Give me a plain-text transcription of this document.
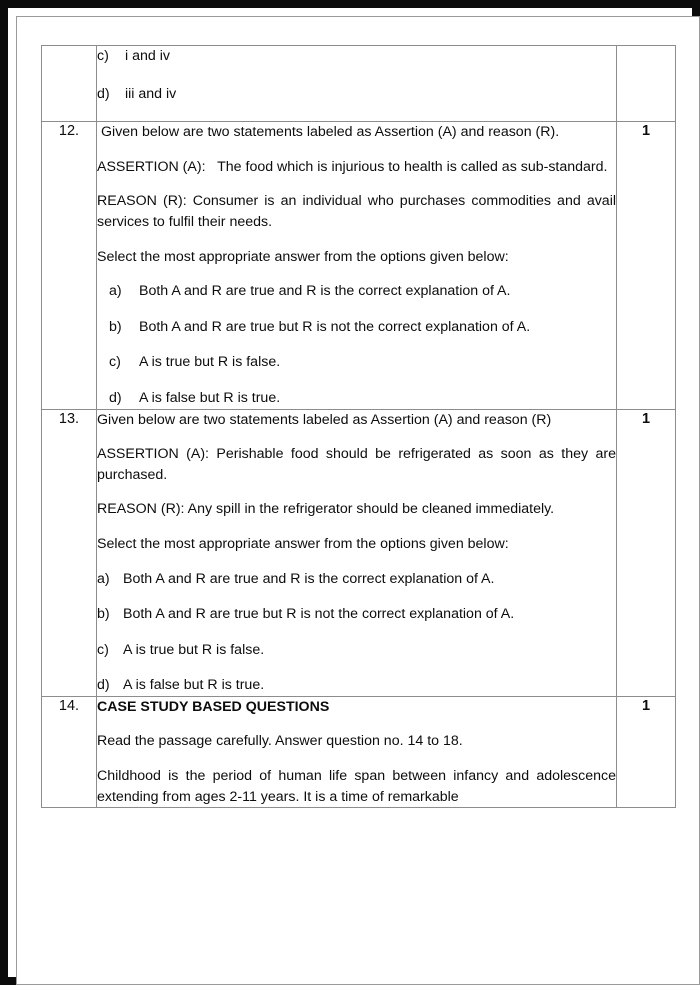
	c) i and iv
d) iii and iv	

12.	Given below are two statements labeled as Assertion (A) and reason (R).

ASSERTION (A): The food which is injurious to health is called as sub-standard.

REASON (R): Consumer is an individual who purchases commodities and avail services to fulfil their needs.

Select the most appropriate answer from the options given below:

a)	Both A and R are true and R is the correct explanation of A.
b)	Both A and R are true but R is not the correct explanation of A.
c)	A is true but R is false.
d)	A is false but R is true.
	1
13.	Given below are two statements labeled as Assertion (A) and reason (R)

ASSERTION (A): Perishable food should be refrigerated as soon as they are purchased.

REASON (R): Any spill in the refrigerator should be cleaned immediately.

Select the most appropriate answer from the options given below:

a) Both A and R are true and R is the correct explanation of A.
b) Both A and R are true but R is not the correct explanation of A.
c) A is true but R is false.
d) A is false but R is true.
	1
14.	CASE STUDY BASED QUESTIONS

Read the passage carefully. Answer question no. 14 to 18.

Childhood is the period of human life span between infancy and adolescence extending from ages 2-11 years. It is a time of remarkable	1
